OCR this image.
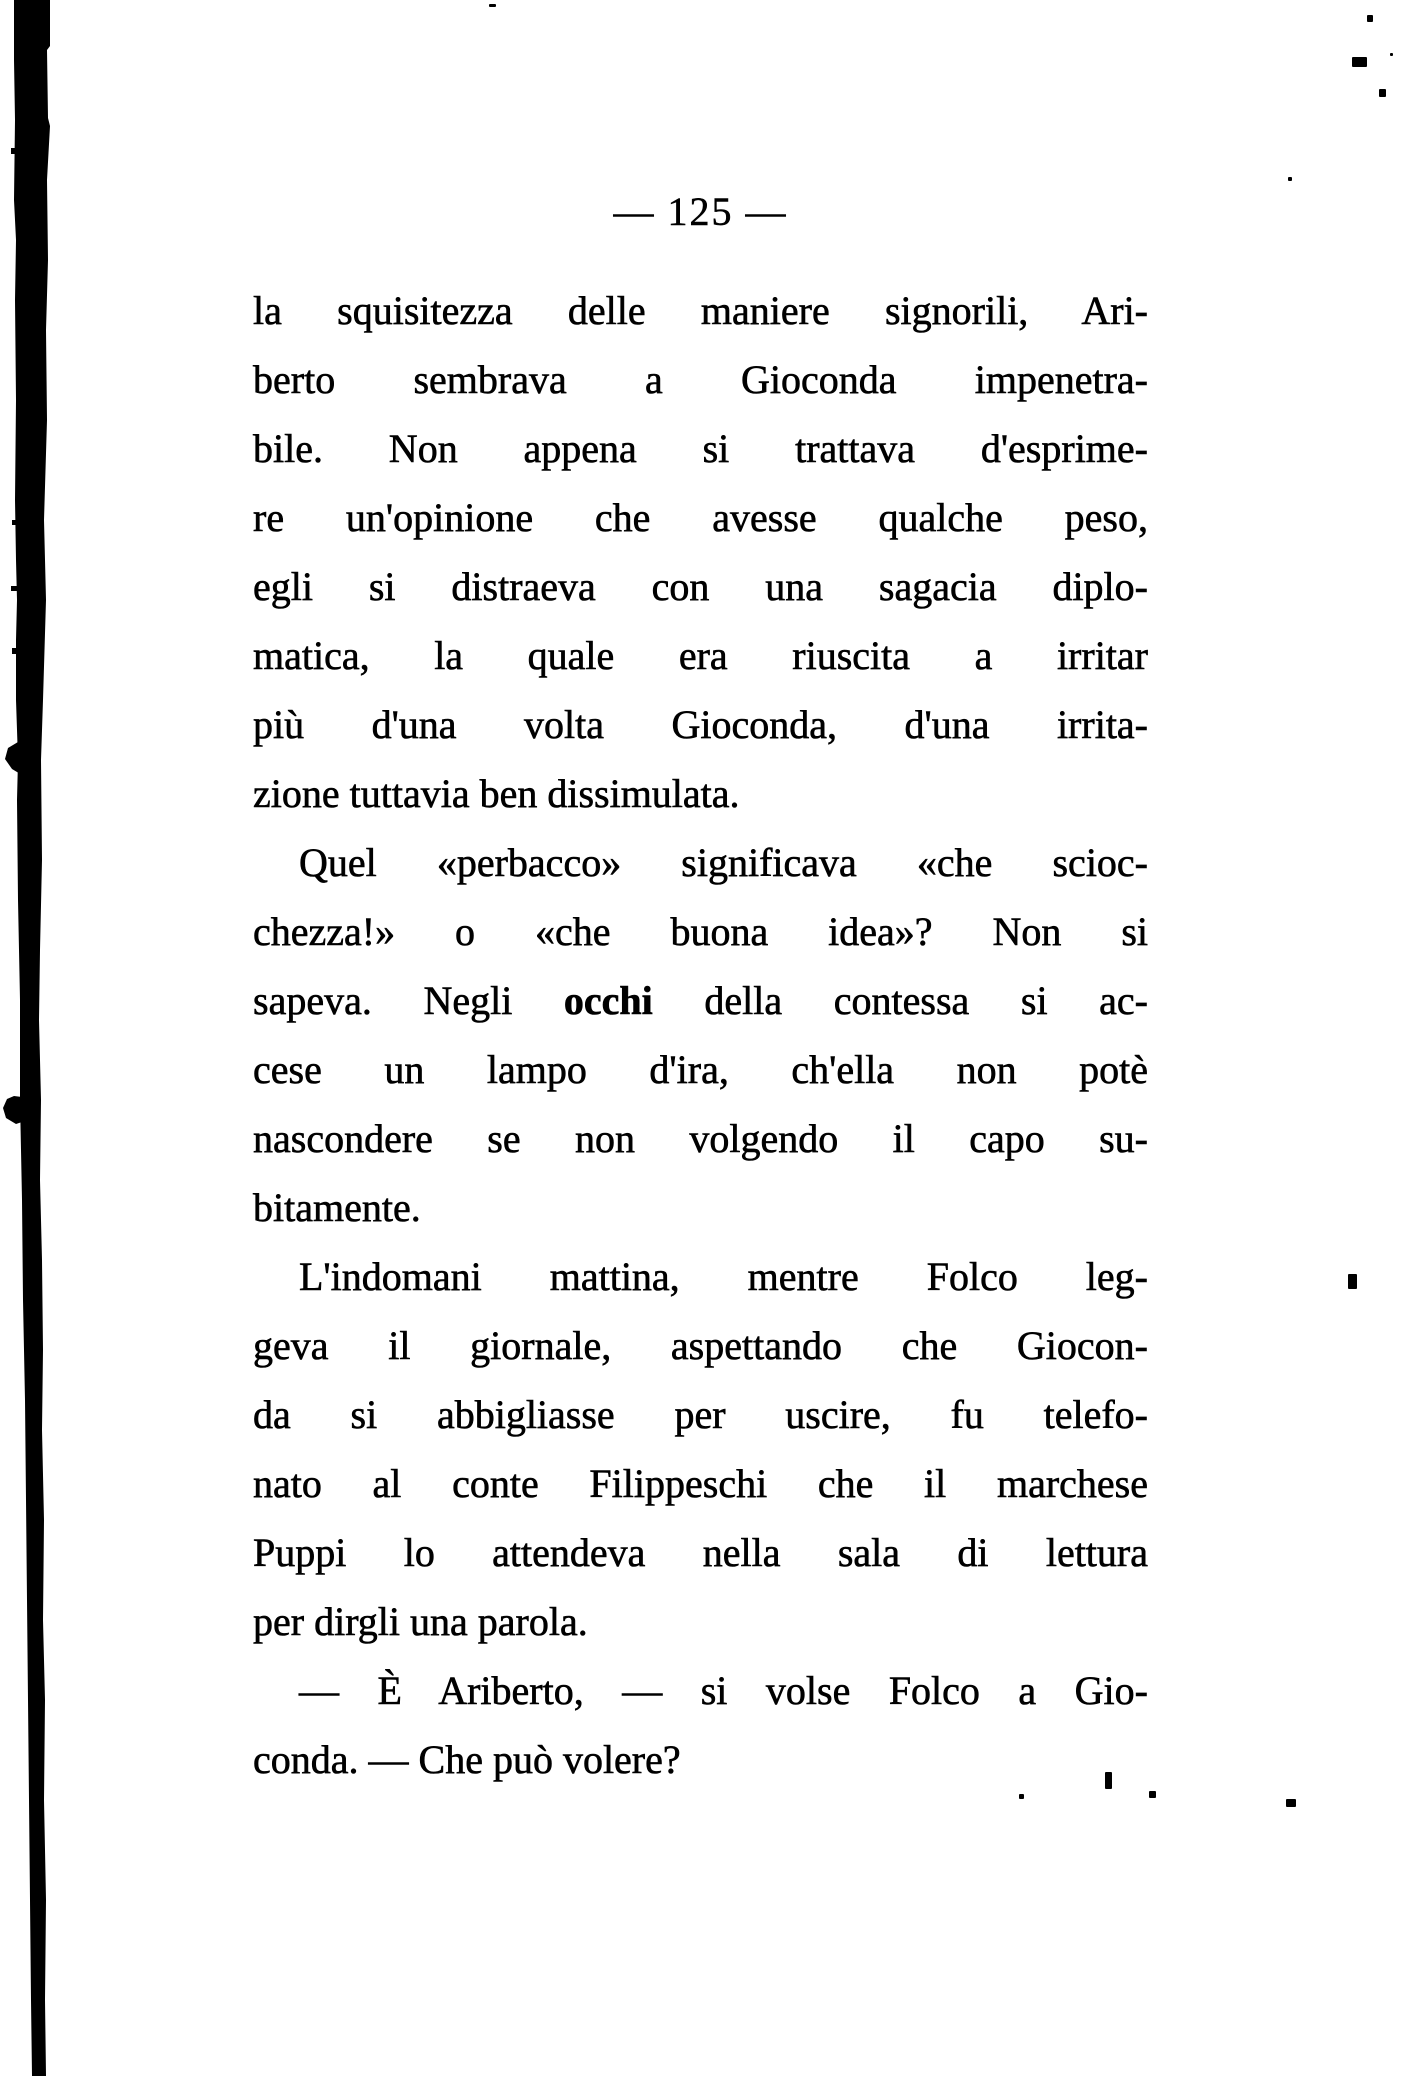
— 125 —
la squisitezza delle maniere signorili, Ari-
berto sembrava a Gioconda impenetra-
bile. Non appena si trattava d'esprime-
re un'opinione che avesse qualche peso,
egli si distraeva con una sagacia diplo-
matica, la quale era riuscita a irritar
più d'una volta Gioconda, d'una irrita-
zione tuttavia ben dissimulata.
Quel «perbacco» significava «che scioc-
chezza!» o «che buona idea»? Non si
sapeva. Negli occhi della contessa si ac-
cese un lampo d'ira, ch'ella non potè
nascondere se non volgendo il capo su-
bitamente.
L'indomani mattina, mentre Folco leg-
geva il giornale, aspettando che Giocon-
da si abbigliasse per uscire, fu telefo-
nato al conte Filippeschi che il marchese
Puppi lo attendeva nella sala di lettura
per dirgli una parola.
— È Ariberto, — si volse Folco a Gio-
conda. — Che può volere?
